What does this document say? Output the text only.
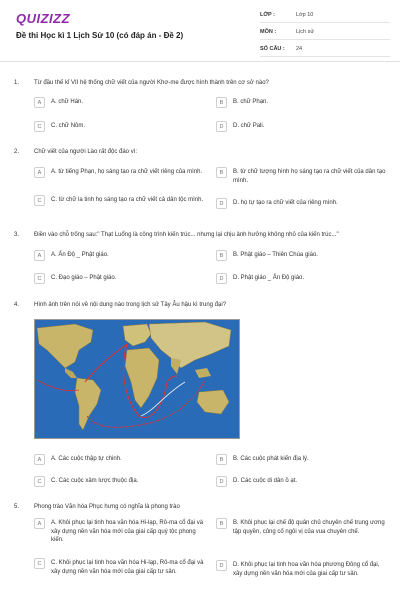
QUIZIZZ
Đề thi Học kì 1 Lịch Sử 10 (có đáp án - Đề 2)
LỚP :	Lớp 10
MÔN :	Lịch sử
SỐ CÂU :	24
1.	Từ đầu thế kỉ VII hệ thống chữ viết của người Khơ-me được hình thành trên cơ sở nào?
A	A. chữ Hán.	B	B. chữ Phạn.
C	C. chữ Nôm.	D	D. chữ Pali.
2.	Chữ viết của người Lào rất độc đáo vì:
A	A. từ tiếng Phạn, họ sáng tạo ra chữ viết riêng của mình.	B	B. từ chữ tượng hình họ sáng tạo ra chữ viết của dân tạo mình.
C	C. từ chữ la tinh họ sáng tạo ra chữ viết cả dân tộc mình.
D	D. họ tự tạo ra chữ viết của riêng mình.
3.	Điền vào chỗ trống sau:" Thạt Luổng là công trình kiến trúc... nhưng lại chịu ảnh hưởng không nhỏ của kiến trúc..."
A	A. Ấn Độ _ Phật giáo.	B	B. Phật giáo – Thiên Chúa giáo.
C	C. Đạo giáo – Phật giáo.	D	D. Phật giáo _ Ấn Độ giáo.
4.	Hình ảnh trên nói về nội dung nào trong lịch sử Tây Âu hậu kì trung đại?
A	A. Các cuộc thập tự chinh.	B	B. Các cuộc phát kiến địa lý.
C	C. Các cuộc xâm lược thuộc địa.	D	D. Các cuộc di dân ồ ạt.
5.	Phong trào Văn hóa Phục hưng có nghĩa là phong trào
A	A. Khôi phục lại tinh hoa văn hóa Hi-lạp, Rô-ma cổ đại và xây dựng nền văn hóa mới của giai cấp quý tộc phong kiến.
B	B. Khôi phục lại chế độ quân chủ chuyên chế trung ương tập quyền, củng cố ngôi vị của vua chuyên chế.
C	C. Khôi phục lại tinh hoa văn hóa Hi-lạp, Rô-ma cổ đại và xây dựng nền văn hóa mới của giai cấp tư sản.
D	D. Khôi phục lại tinh hoa văn hóa phương Đông cổ đại, xây dựng nền văn hóa mới của giai cấp tư sản.
